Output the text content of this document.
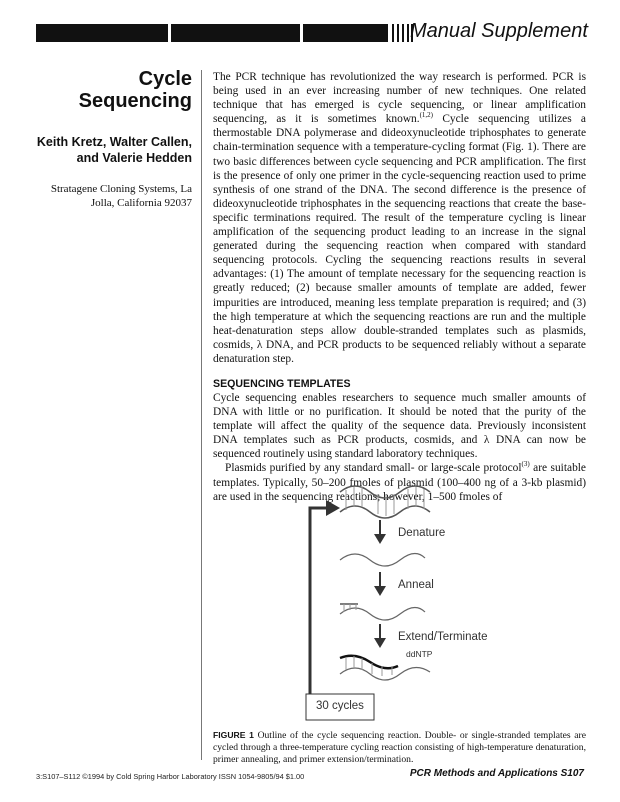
Manual Supplement
Cycle
Sequencing

Keith Kretz, Walter Callen,
and Valerie Hedden

Stratagene Cloning Systems, La
Jolla, California 92037

The PCR technique has revolutionized the way research is performed. PCR is being used in an ever increasing number of new techniques. One related technique that has emerged is cycle sequencing, or linear amplification sequencing, as it is sometimes known.$^{(1,2)}$ Cycle sequencing utilizes a thermostable DNA polymerase and dideoxynucleotide triphosphates to generate chain-termination sequence with a temperature-cycling format (Fig. 1). There are two basic differences between cycle sequencing and PCR amplification. The first is the presence of only one primer in the cycle-sequencing reaction used to prime synthesis of one strand of the DNA. The second difference is the presence of dideoxynucleotide triphosphates in the sequencing reactions that create the base-specific terminations required. The result of the temperature cycling is linear amplification of the sequencing product leading to an increase in the signal generated during the sequencing reaction when compared with standard sequencing protocols. Cycling the sequencing reactions results in several advantages: (1) The amount of template necessary for the sequencing reaction is greatly reduced; (2) because smaller amounts of template are added, fewer impurities are introduced, meaning less template preparation is required; and (3) the high temperature at which the sequencing reactions are run and the multiple heat-denaturation steps allow double-stranded templates such as plasmids, cosmids, λ DNA, and PCR products to be sequenced reliably without a separate denaturation step.

SEQUENCING TEMPLATES

Cycle sequencing enables researchers to sequence much smaller amounts of DNA with little or no purification. It should be noted that the purity of the template will affect the quality of the sequence data. Previously inconsistent DNA templates such as PCR products, cosmids, and λ DNA can now be sequenced routinely using standard laboratory techniques.

Plasmids purified by any standard small- or large-scale protocol$^{(3)}$ are suitable templates. Typically, 50–200 fmoles of plasmid (100–400 ng of a 3-kb plasmid) are used in the sequencing reactions; however, 1–500 fmoles of

Denature
Anneal
Extend/Terminate
ddNTP
30 cycles

FIGURE 1 Outline of the cycle sequencing reaction. Double- or single-stranded templates are cycled through a three-temperature cycling reaction consisting of high-temperature denaturation, primer annealing, and primer extension/termination.

3:S107–S112 ©1994 by Cold Spring Harbor Laboratory ISSN 1054-9805/94 $1.00	PCR Methods and Applications S107
